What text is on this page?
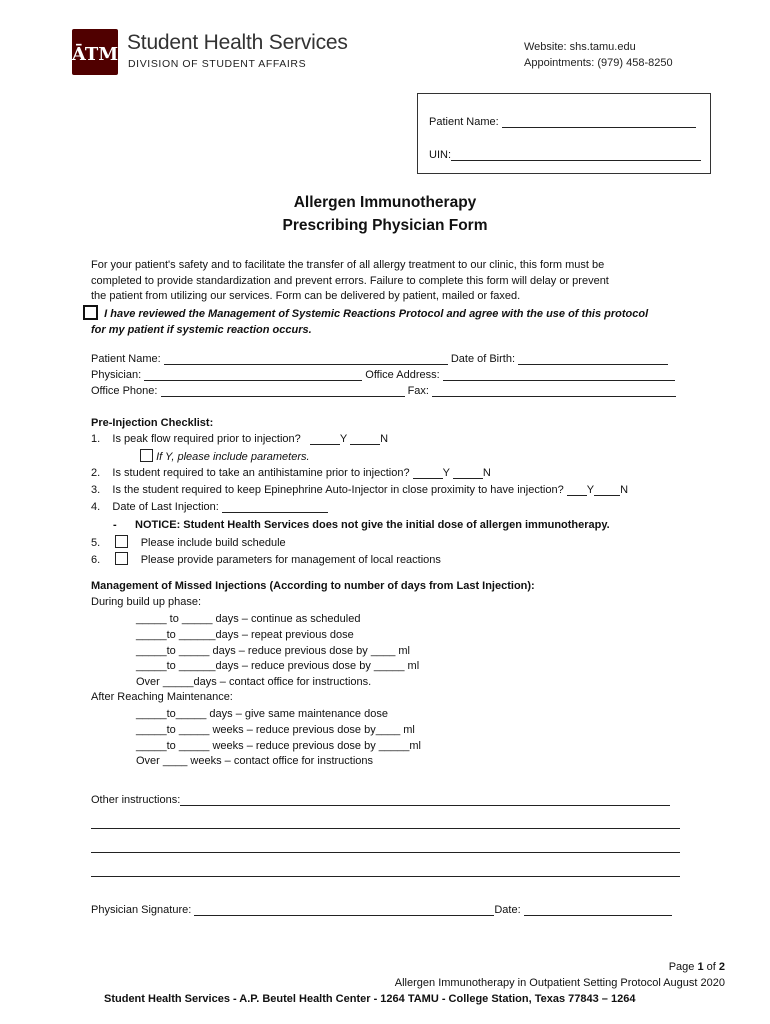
ĀTM
Student Health Services
DIVISION OF STUDENT AFFAIRS
Website: shs.tamu.edu
Appointments: (979) 458-8250
Patient Name:
UIN:
Allergen Immunotherapy
Prescribing Physician Form
For your patient's safety and to facilitate the transfer of all allergy treatment to our clinic, this form must be
completed to provide standardization and prevent errors. Failure to complete this form will delay or prevent
the patient from utilizing our services. Form can be delivered by patient, mailed or faxed.
I have reviewed the Management of Systemic Reactions Protocol and agree with the use of this protocol
for my patient if systemic reaction occurs.
Patient Name:	Date of Birth:
Physician:	Office Address:
Office Phone:	Fax:
Pre-Injection Checklist:
1. Is peak flow required prior to injection?	Y	N
If Y, please include parameters.
2. Is student required to take an antihistamine prior to injection?	Y	N
3. Is the student required to keep Epinephrine Auto-Injector in close proximity to have injection? Y N
4. Date of Last Injection:
- NOTICE: Student Health Services does not give the initial dose of allergen immunotherapy.
5.	Please include build schedule
6.	Please provide parameters for management of local reactions
Management of Missed Injections (According to number of days from Last Injection):
During build up phase:
_____ to _____ days – continue as scheduled
_____to ______days – repeat previous dose
_____to _____ days – reduce previous dose by ____ ml
_____to ______days – reduce previous dose by _____ ml
Over _____days – contact office for instructions.
After Reaching Maintenance:
_____to_____ days – give same maintenance dose
_____to _____ weeks – reduce previous dose by____ ml
_____to _____ weeks – reduce previous dose by _____ml
Over ____ weeks – contact office for instructions
Other instructions:
Physician Signature:	Date:
Page 1 of 2
Allergen Immunotherapy in Outpatient Setting Protocol August 2020
Student Health Services - A.P. Beutel Health Center - 1264 TAMU - College Station, Texas 77843 – 1264
